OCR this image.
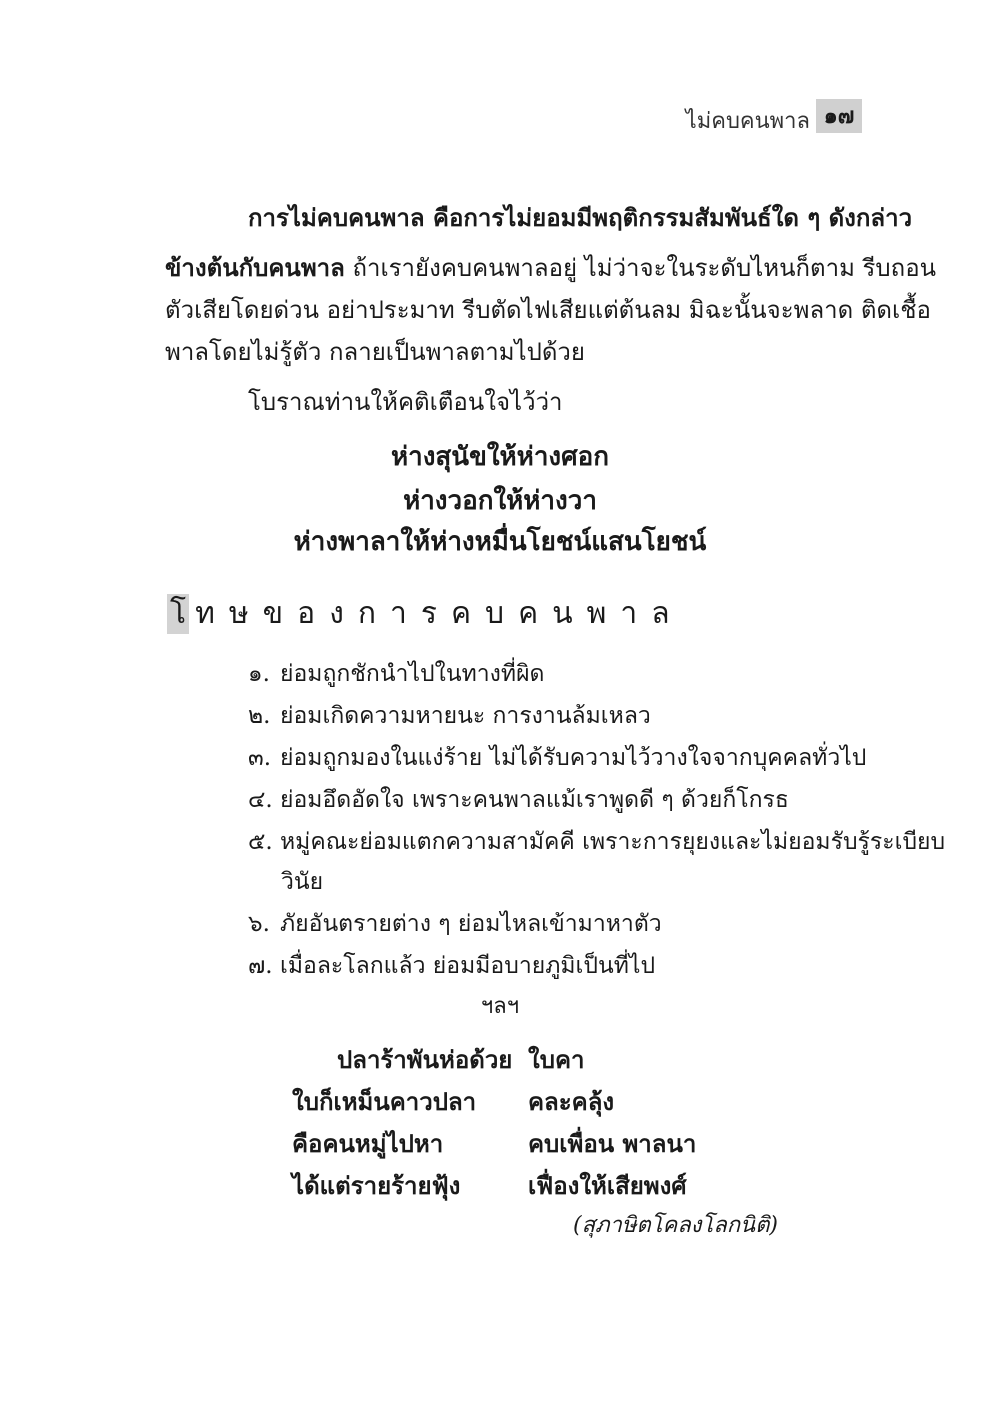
ไม่คบคนพาล ๑๗
การไม่คบคนพาล คือการไม่ยอมมีพฤติกรรมสัมพันธ์ใด ๆ ดังกล่าว
ข้างต้นกับคนพาล ถ้าเรายังคบคนพาลอยู่ ไม่ว่าจะในระดับไหนก็ตาม รีบถอน
ตัวเสียโดยด่วน อย่าประมาท รีบตัดไฟเสียแต่ต้นลม มิฉะนั้นจะพลาด ติดเชื้อ
พาลโดยไม่รู้ตัว กลายเป็นพาลตามไปด้วย
โบราณท่านให้คติเตือนใจไว้ว่า
ห่างสุนัขให้ห่างศอก
ห่างวอกให้ห่างวา
ห่างพาลาให้ห่างหมื่นโยชน์แสนโยชน์
โ ทษของการคบคนพาล
๑. ย่อมถูกชักนำไปในทางที่ผิด
๒. ย่อมเกิดความหายนะ การงานล้มเหลว
๓. ย่อมถูกมองในแง่ร้าย ไม่ได้รับความไว้วางใจจากบุคคลทั่วไป
๔. ย่อมอึดอัดใจ เพราะคนพาลแม้เราพูดดี ๆ ด้วยก็โกรธ
๕. หมู่คณะย่อมแตกความสามัคคี เพราะการยุยงและไม่ยอมรับรู้ระเบียบ
วินัย
๖. ภัยอันตรายต่าง ๆ ย่อมไหลเข้ามาหาตัว
๗. เมื่อละโลกแล้ว ย่อมมีอบายภูมิเป็นที่ไป
ฯลฯ
ปลาร้าพันห่อด้วย ใบคา
ใบก็เหม็นคาวปลา คละคลุ้ง
คือคนหมู่ไปหา	คบเพื่อน พาลนา
ได้แต่รายร้ายฟุ้ง	เฟื่องให้เสียพงศ์
(สุภาษิตโคลงโลกนิติ)
